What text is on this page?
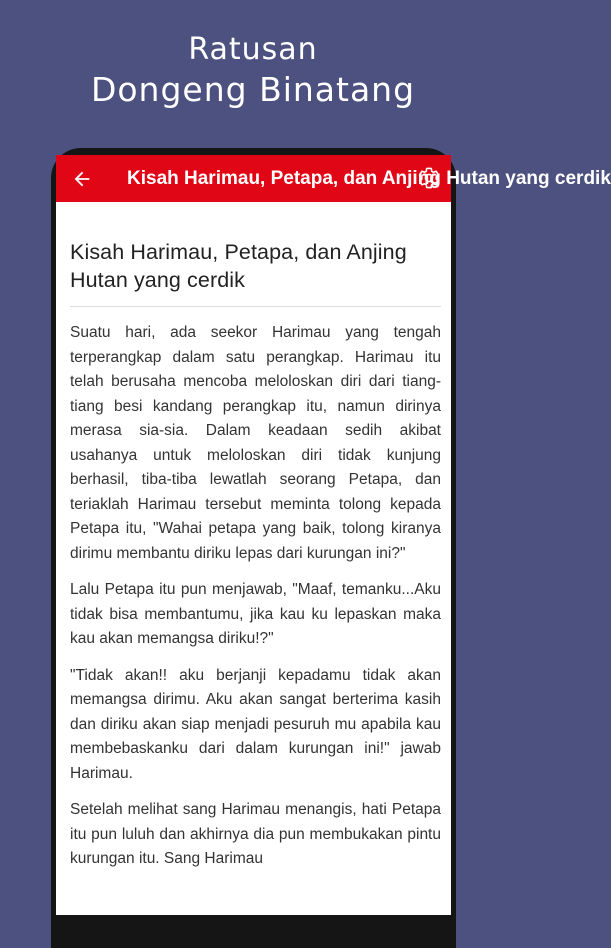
Ratusan
Dongeng Binatang
Kisah Harimau, Petapa, dan Anjing Hutan yang cerdik
Kisah Harimau, Petapa, dan Anjing Hutan yang cerdik

Suatu hari, ada seekor Harimau yang tengah terperangkap dalam satu perangkap. Harimau itu telah berusaha mencoba meloloskan diri dari tiang-tiang besi kandang perangkap itu, namun dirinya merasa sia-sia. Dalam keadaan sedih akibat usahanya untuk meloloskan diri tidak kunjung berhasil, tiba-tiba lewatlah seorang Petapa, dan teriaklah Harimau tersebut meminta tolong kepada Petapa itu, "Wahai petapa yang baik, tolong kiranya dirimu membantu diriku lepas dari kurungan ini?"

Lalu Petapa itu pun menjawab, "Maaf, temanku...Aku tidak bisa membantumu, jika kau ku lepaskan maka kau akan memangsa diriku!?"

"Tidak akan!! aku berjanji kepadamu tidak akan memangsa dirimu. Aku akan sangat berterima kasih dan diriku akan siap menjadi pesuruh mu apabila kau membebaskanku dari dalam kurungan ini!" jawab Harimau.

Setelah melihat sang Harimau menangis, hati Petapa itu pun luluh dan akhirnya dia pun membukakan pintu kurungan itu. Sang Harimau
